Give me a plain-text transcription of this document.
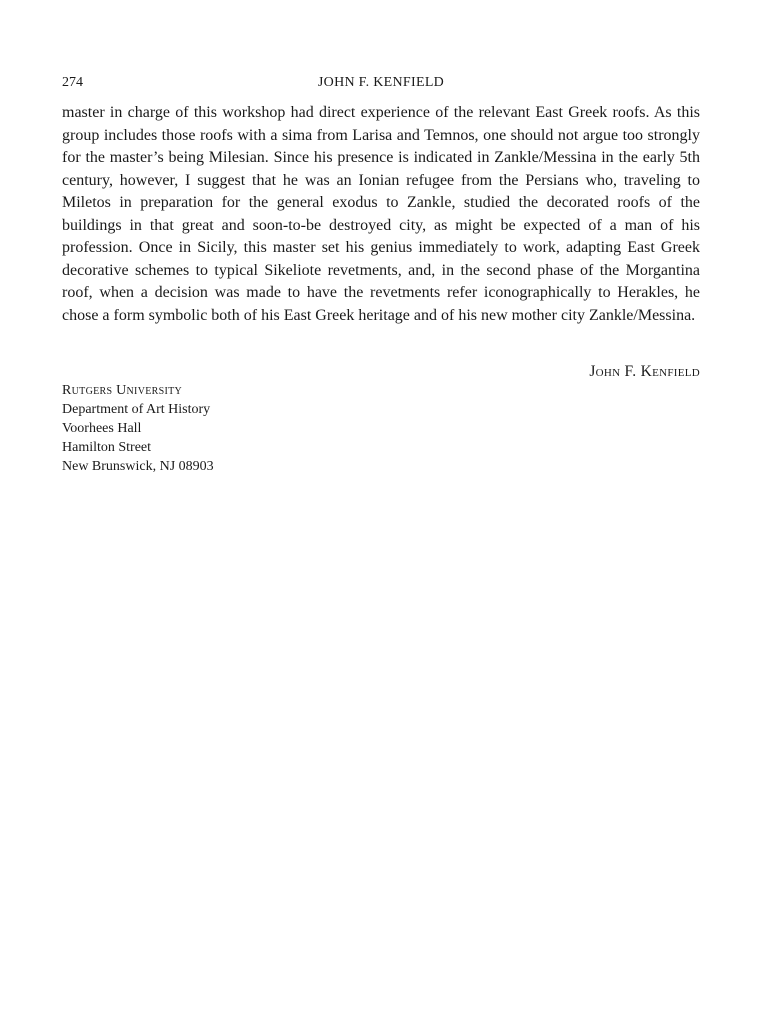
274	JOHN F. KENFIELD

master in charge of this workshop had direct experience of the relevant East Greek roofs. As this group includes those roofs with a sima from Larisa and Temnos, one should not argue too strongly for the master’s being Milesian. Since his presence is indicated in Zankle/Messina in the early 5th century, however, I suggest that he was an Ionian refugee from the Persians who, traveling to Miletos in preparation for the general exodus to Zankle, studied the decorated roofs of the buildings in that great and soon-to-be destroyed city, as might be expected of a man of his profession. Once in Sicily, this master set his genius immediately to work, adapting East Greek decorative schemes to typical Sikeliote revetments, and, in the second phase of the Morgantina roof, when a decision was made to have the revetments refer iconographically to Herakles, he chose a form symbolic both of his East Greek heritage and of his new mother city Zankle/Messina.

John F. Kenfield
Rutgers University
Department of Art History
Voorhees Hall
Hamilton Street
New Brunswick, NJ 08903
